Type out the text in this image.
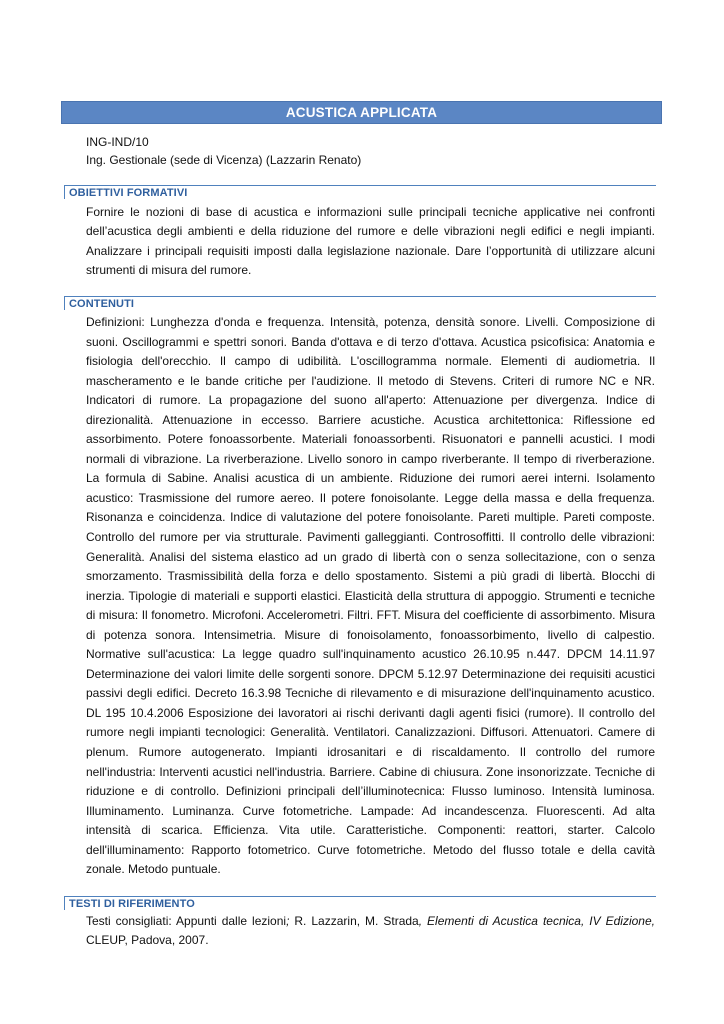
ACUSTICA APPLICATA
ING-IND/10
Ing. Gestionale (sede di Vicenza) (Lazzarin Renato)
OBIETTIVI FORMATIVI

Fornire le nozioni di base di acustica e informazioni sulle principali tecniche applicative nei confronti dell’acustica degli ambienti e della riduzione del rumore e delle vibrazioni negli edifici e negli impianti. Analizzare i principali requisiti imposti dalla legislazione nazionale. Dare l’opportunità di utilizzare alcuni strumenti di misura del rumore.

CONTENUTI

Definizioni: Lunghezza d'onda e frequenza. Intensità, potenza, densità sonore. Livelli. Composizione di suoni. Oscillogrammi e spettri sonori. Banda d'ottava e di terzo d'ottava. Acustica psicofisica: Anatomia e fisiologia dell'orecchio. Il campo di udibilità. L'oscillogramma normale. Elementi di audiometria. Il mascheramento e le bande critiche per l'audizione. Il metodo di Stevens. Criteri di rumore NC e NR. Indicatori di rumore. La propagazione del suono all'aperto: Attenuazione per divergenza. Indice di direzionalità. Attenuazione in eccesso. Barriere acustiche. Acustica architettonica: Riflessione ed assorbimento. Potere fonoassorbente. Materiali fonoassorbenti. Risuonatori e pannelli acustici. I modi normali di vibrazione. La riverberazione. Livello sonoro in campo riverberante. Il tempo di riverberazione. La formula di Sabine. Analisi acustica di un ambiente. Riduzione dei rumori aerei interni. Isolamento acustico: Trasmissione del rumore aereo. Il potere fonoisolante. Legge della massa e della frequenza. Risonanza e coincidenza. Indice di valutazione del potere fonoisolante. Pareti multiple. Pareti composte. Controllo del rumore per via strutturale. Pavimenti galleggianti. Controsoffitti. Il controllo delle vibrazioni: Generalità. Analisi del sistema elastico ad un grado di libertà con o senza sollecitazione, con o senza smorzamento. Trasmissibilità della forza e dello spostamento. Sistemi a più gradi di libertà. Blocchi di inerzia. Tipologie di materiali e supporti elastici. Elasticità della struttura di appoggio. Strumenti e tecniche di misura: Il fonometro. Microfoni. Accelerometri. Filtri. FFT. Misura del coefficiente di assorbimento. Misura di potenza sonora. Intensimetria. Misure di fonoisolamento, fonoassorbimento, livello di calpestio. Normative sull'acustica: La legge quadro sull'inquinamento acustico 26.10.95 n.447. DPCM 14.11.97 Determinazione dei valori limite delle sorgenti sonore. DPCM 5.12.97 Determinazione dei requisiti acustici passivi degli edifici. Decreto 16.3.98 Tecniche di rilevamento e di misurazione dell'inquinamento acustico. DL 195 10.4.2006 Esposizione dei lavoratori ai rischi derivanti dagli agenti fisici (rumore). Il controllo del rumore negli impianti tecnologici: Generalità. Ventilatori. Canalizzazioni. Diffusori. Attenuatori. Camere di plenum. Rumore autogenerato. Impianti idrosanitari e di riscaldamento. Il controllo del rumore nell'industria: Interventi acustici nell'industria. Barriere. Cabine di chiusura. Zone insonorizzate. Tecniche di riduzione e di controllo. Definizioni principali dell’illuminotecnica: Flusso luminoso. Intensità luminosa. Illuminamento. Luminanza. Curve fotometriche. Lampade: Ad incandescenza. Fluorescenti. Ad alta intensità di scarica. Efficienza. Vita utile. Caratteristiche. Componenti: reattori, starter. Calcolo dell'illuminamento: Rapporto fotometrico. Curve fotometriche. Metodo del flusso totale e della cavità zonale. Metodo puntuale.

TESTI DI RIFERIMENTO

Testi consigliati: Appunti dalle lezioni; R. Lazzarin, M. Strada, Elementi di Acustica tecnica, IV Edizione, CLEUP, Padova, 2007.
